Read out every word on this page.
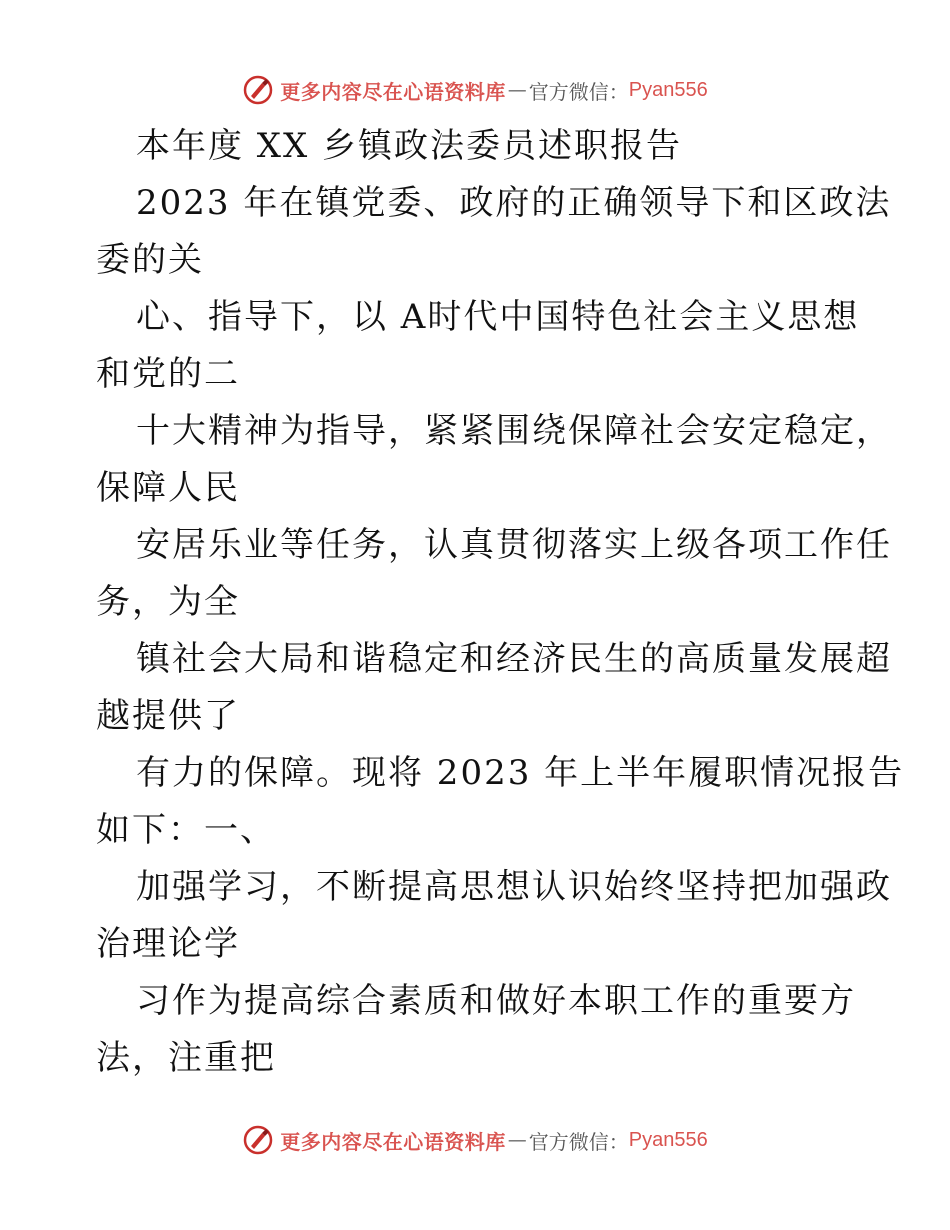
更多内容尽在心语资料库 — 官方微信： Pyan556
本年度 XX 乡镇政法委员述职报告
2023 年在镇党委、政府的正确领导下和区政法
委的关
心、指导下，以 A时代中国特色社会主义思想
和党的二
十大精神为指导，紧紧围绕保障社会安定稳定，
保障人民
安居乐业等任务，认真贯彻落实上级各项工作任
务，为全
镇社会大局和谐稳定和经济民生的高质量发展超
越提供了
有力的保障。现将 2023 年上半年履职情况报告
如下：一、
加强学习，不断提高思想认识始终坚持把加强政
治理论学
习作为提高综合素质和做好本职工作的重要方
法，注重把
更多内容尽在心语资料库 — 官方微信： Pyan556
